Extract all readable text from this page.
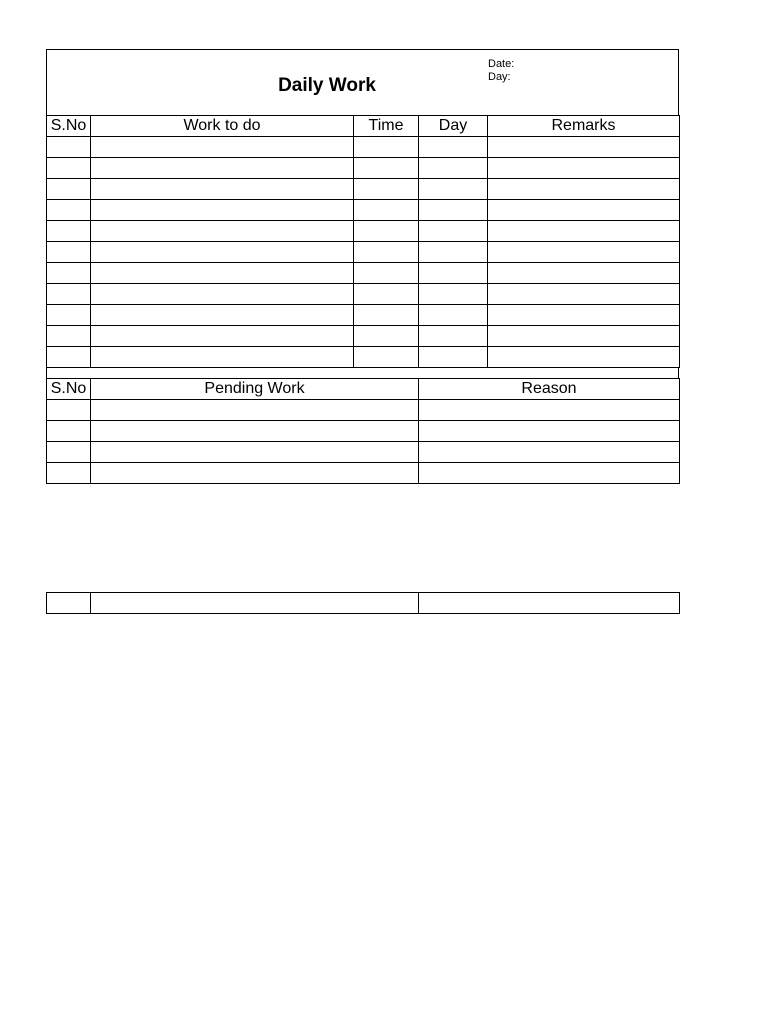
Daily Work
Date:
Day:
S.No	Work to do	Time	Day	Remarks

S.No	Pending Work	Reason
